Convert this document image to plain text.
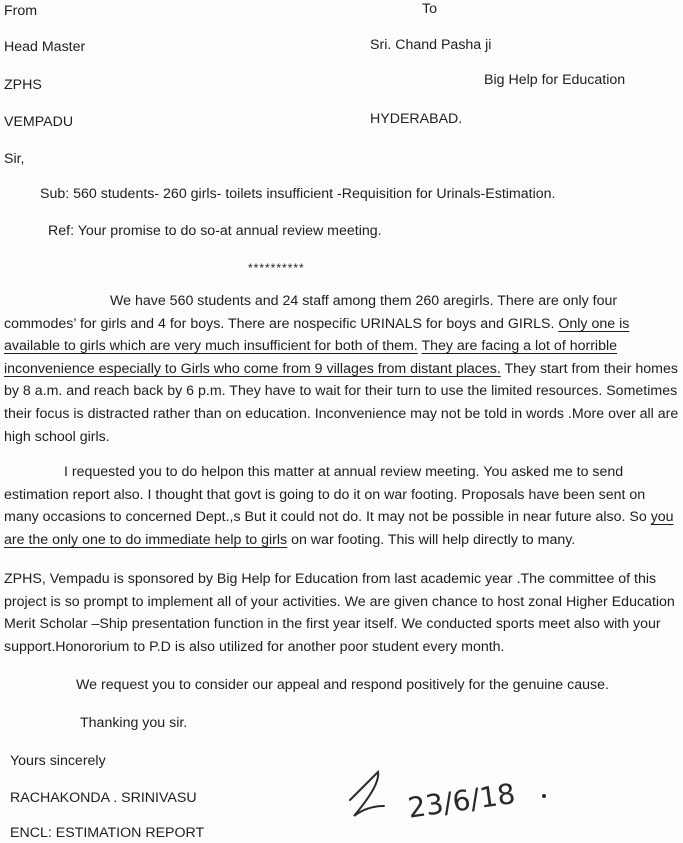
From	To
Head Master	Sri. Chand Pasha ji
ZPHS	Big Help for Education
VEMPADU	HYDERABAD.
Sir,
Sub: 560 students- 260 girls- toilets insufficient -Requisition for Urinals-Estimation.
Ref: Your promise to do so-at annual review meeting.
**********
We have 560 students and 24 staff among them 260 aregirls. There are only four commodes’ for girls and 4 for boys. There are nospecific URINALS for boys and GIRLS. Only one is available to girls which are very much insufficient for both of them. They are facing a lot of horrible inconvenience especially to Girls who come from 9 villages from distant places. They start from their homes by 8 a.m. and reach back by 6 p.m. They have to wait for their turn to use the limited resources. Sometimes their focus is distracted rather than on education. Inconvenience may not be told in words .More over all are high school girls.
I requested you to do helpon this matter at annual review meeting. You asked me to send estimation report also. I thought that govt is going to do it on war footing. Proposals have been sent on many occasions to concerned Dept.,s But it could not do. It may not be possible in near future also. So you are the only one to do immediate help to girls on war footing. This will help directly to many.
ZPHS, Vempadu is sponsored by Big Help for Education from last academic year .The committee of this project is so prompt to implement all of your activities. We are given chance to host zonal Higher Education Merit Scholar –Ship presentation function in the first year itself. We conducted sports meet also with your support.Honororium to P.D is also utilized for another poor student every month.
We request you to consider our appeal and respond positively for the genuine cause.
Thanking you sir.
Yours sincerely
RACHAKONDA . SRINIVASU
ENCL: ESTIMATION REPORT
23/6/18
